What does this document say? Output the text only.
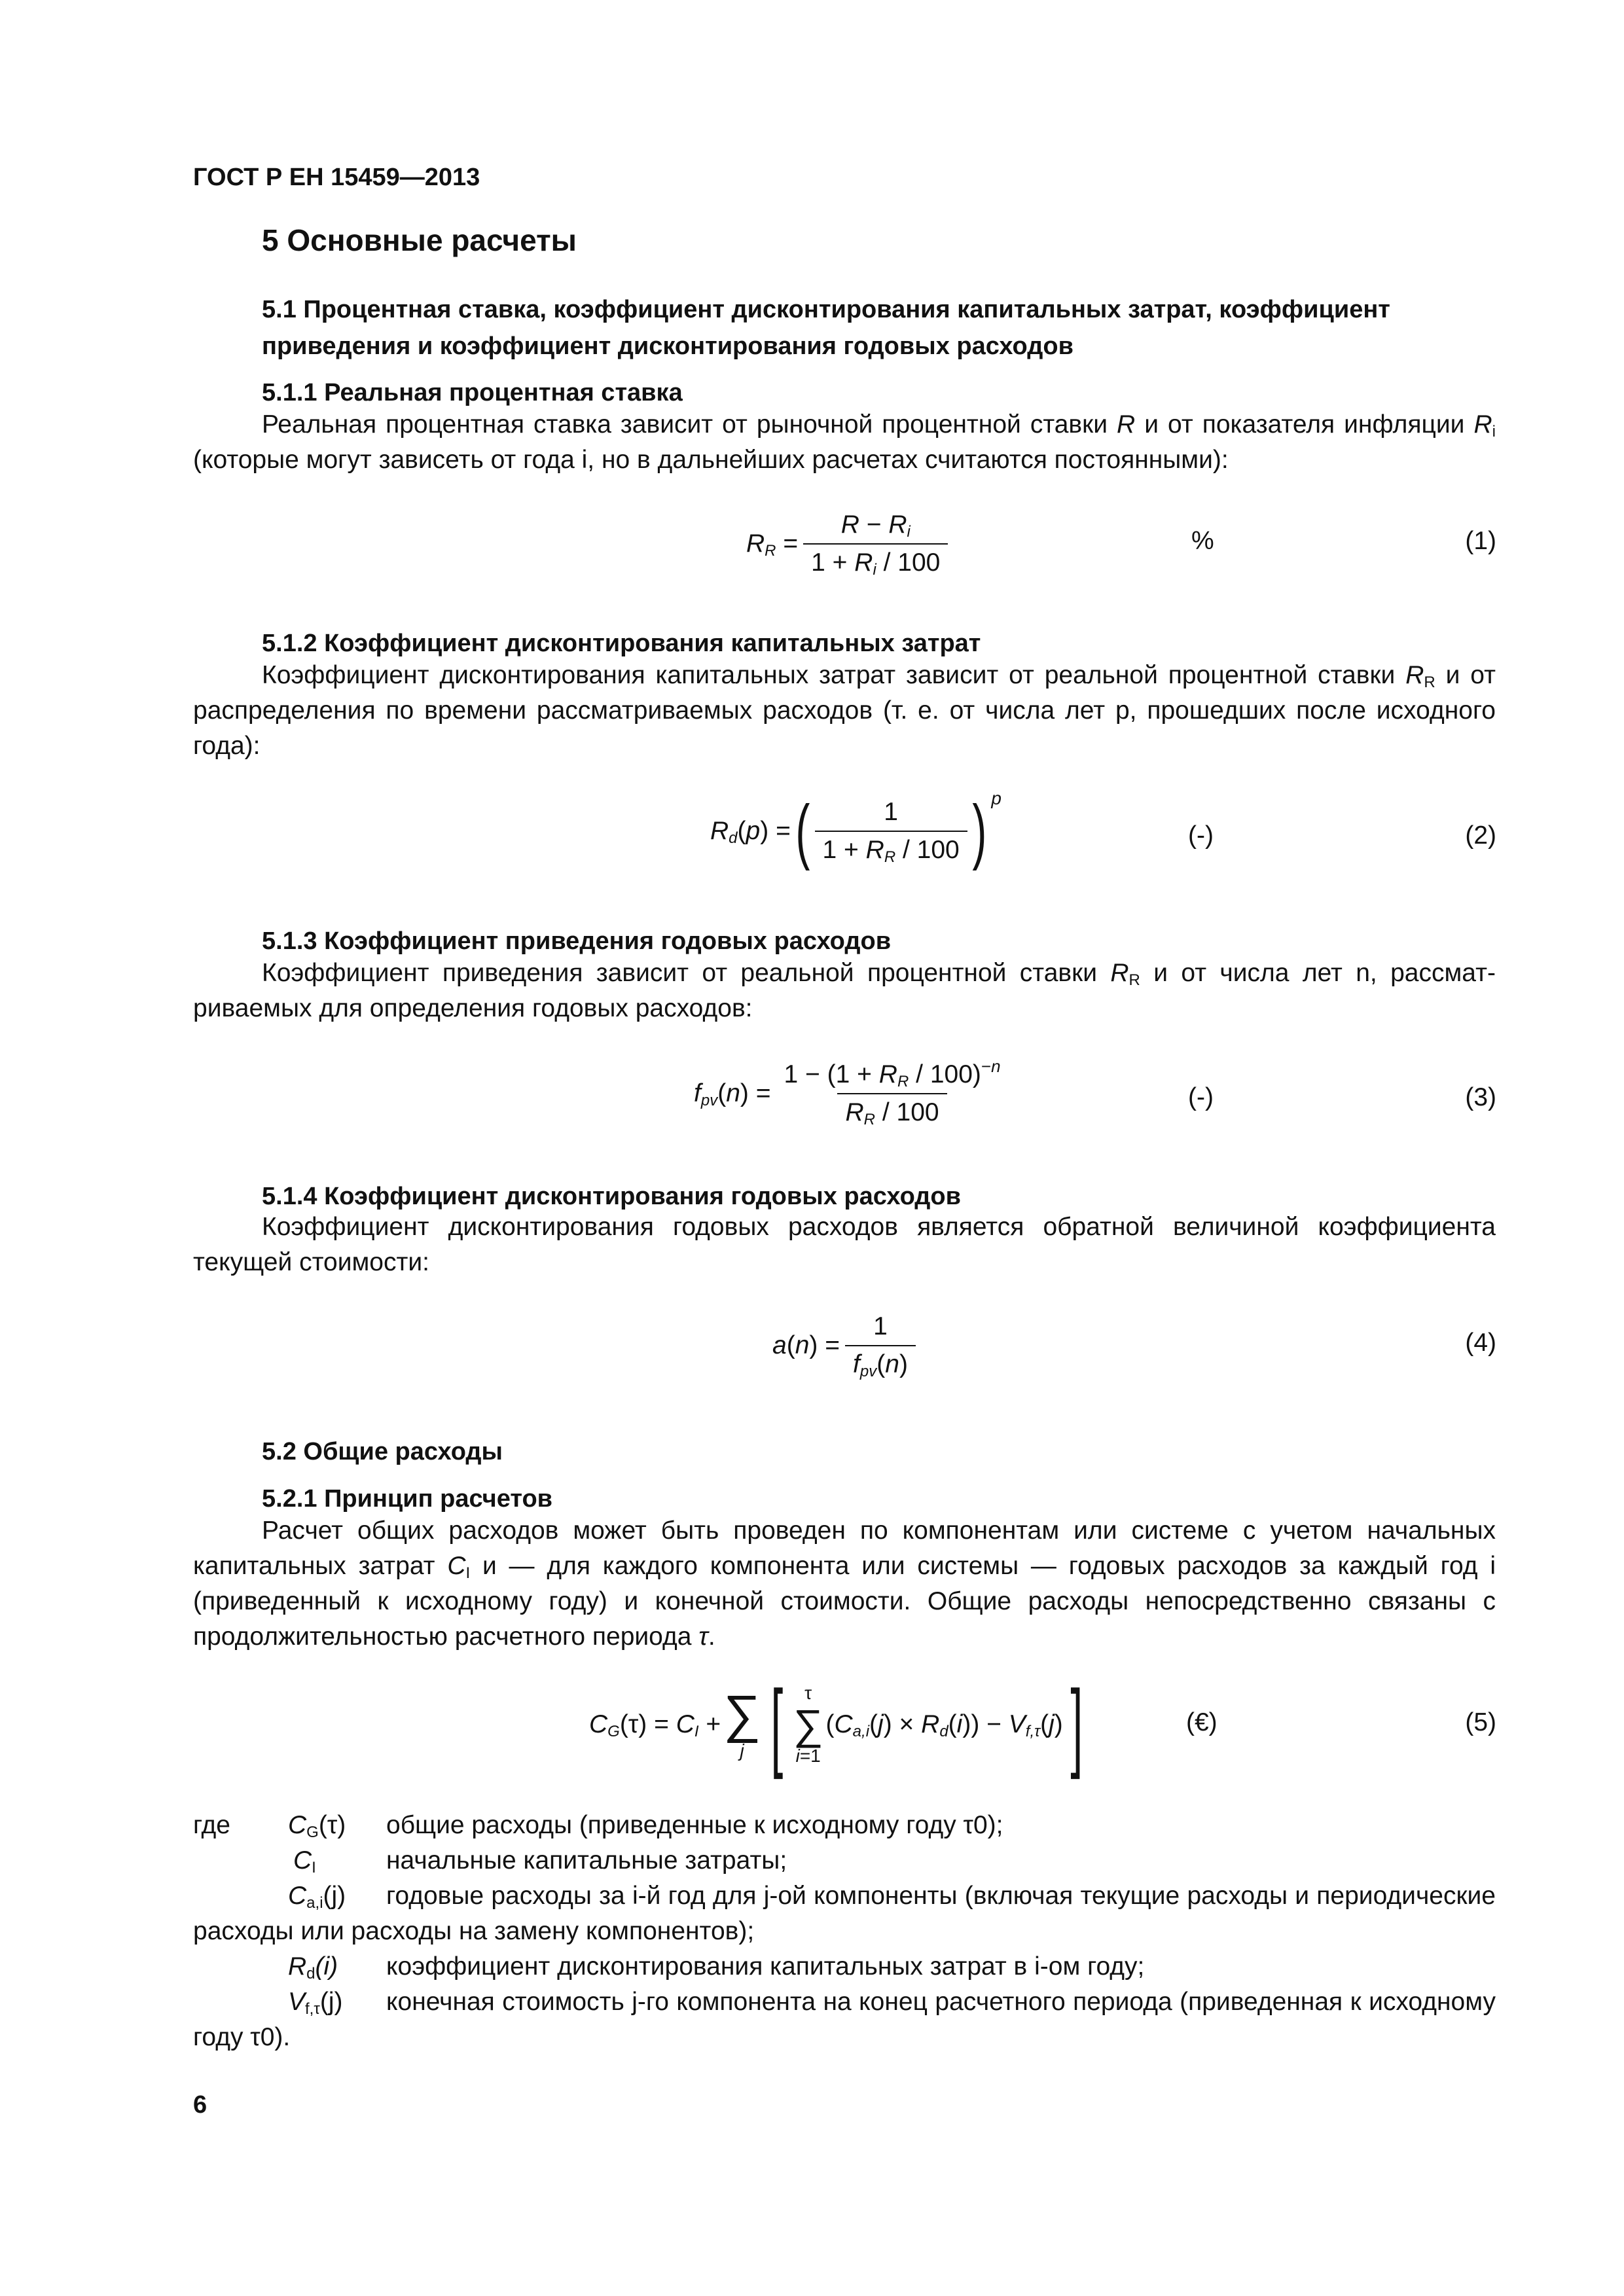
ГОСТ Р ЕН 15459—2013
5 Основные расчеты
5.1 Процентная ставка, коэффициент дисконтирования капитальных затрат, коэффициент приведения и коэффициент дисконтирования годовых расходов
5.1.1 Реальная процентная ставка
Реальная процентная ставка зависит от рыночной процентной ставки R и от показателя инфляции $R_i$ (которые могут зависеть от года i, но в дальнейших расчетах считаются постоянными):
$R_R = \frac{R - R_i}{1 + R_i / 100}$	%	(1)
5.1.2 Коэффициент дисконтирования капитальных затрат
Коэффициент дисконтирования капитальных затрат зависит от реальной процентной ставки $R_R$ и от распределения по времени рассматриваемых расходов (т. е. от числа лет p, прошедших после исходного года):
$R_d(p)$ = ( $\frac{1}{1 + R_R / 100}$ ) p
(-)	(2)
5.1.3 Коэффициент приведения годовых расходов
Коэффициент приведения зависит от реальной процентной ставки $R_R$ и от числа лет n, рассматриваемых для определения годовых расходов:
$f_{pv}(n) = \frac{1 - (1 + R_R / 100)^{-n}}{R_R / 100}$	(-)	(3)
5.1.4 Коэффициент дисконтирования годовых расходов
Коэффициент дисконтирования годовых расходов является обратной величиной коэффициента текущей стоимости:
$a(n) = \frac{1}{f_{pv}(n)}$	(4)
5.2 Общие расходы
5.2.1 Принцип расчетов
Расчет общих расходов может быть проведен по компонентам или системе с учетом начальных капитальных затрат $C_I$ и — для каждого компонента или системы — годовых расходов за каждый год i (приведенный к исходному году) и конечной стоимости. Общие расходы непосредственно связаны с продолжительностью расчетного периода τ.
$C_G(\tau) = C_I$ + ∑
j [ τ
∑
i=1
$(C_{a,i}(j) \times R_d(i)) - V_{f,\tau}(j)$ ]	(€)	(5)
где $C_G(\tau)$ общие расходы (приведенные к исходному году τ0);
$C_I$	начальные капитальные затраты;
$C_{a,i}(j)$	годовые расходы за i-й год для j-ой компоненты (включая текущие расходы и периодические расходы или расходы на замену компонентов);
$R_d(i)$ коэффициент дисконтирования капитальных затрат в i-ом году;
$V_{f,\tau}(j)$	конечная стоимость j-го компонента на конец расчетного периода (приведенная к исходному году τ0).
6
